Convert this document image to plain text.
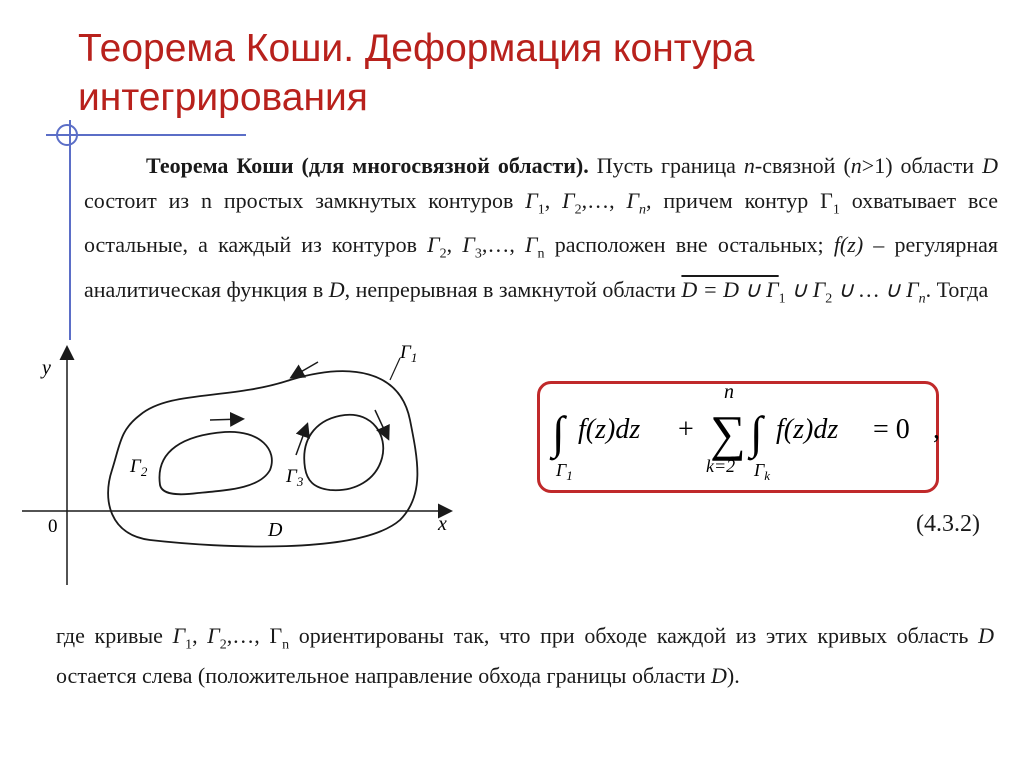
Теорема Коши. Деформация контура интегрирования
Теорема Коши (для многосвязной области). Пусть граница n-связной (n>1) области D состоит из n простых замкнутых контуров $\Gamma_1$, $\Gamma_2,\dots$, $\Gamma_n$, причем контур $\Gamma_1$ охватывает все остальные, а каждый из контуров $\Gamma_2$, $\Gamma_3,\dots$, $\Gamma_n$ расположен вне остальных; f(z) – регулярная аналитическая функция в D, непрерывная в замкнутой области D = D ∪ $\Gamma_1$ ∪ $\Gamma_2$ ∪ … ∪ $\Gamma_n$. Тогда
y
x
0
$\Gamma_1$
$\Gamma_2$	$\Gamma_3$
D
∫
$\Gamma_1$
f(z)dz +
n
∑
k=2
∫
$\Gamma_k$
f(z)dz = 0 ,
(4.3.2)
где кривые $\Gamma_1$, $\Gamma_2,\dots$, $\Gamma_n$ ориентированы так, что при обходе каждой из этих кривых область D остается слева (положительное направление обхода границы области D).
